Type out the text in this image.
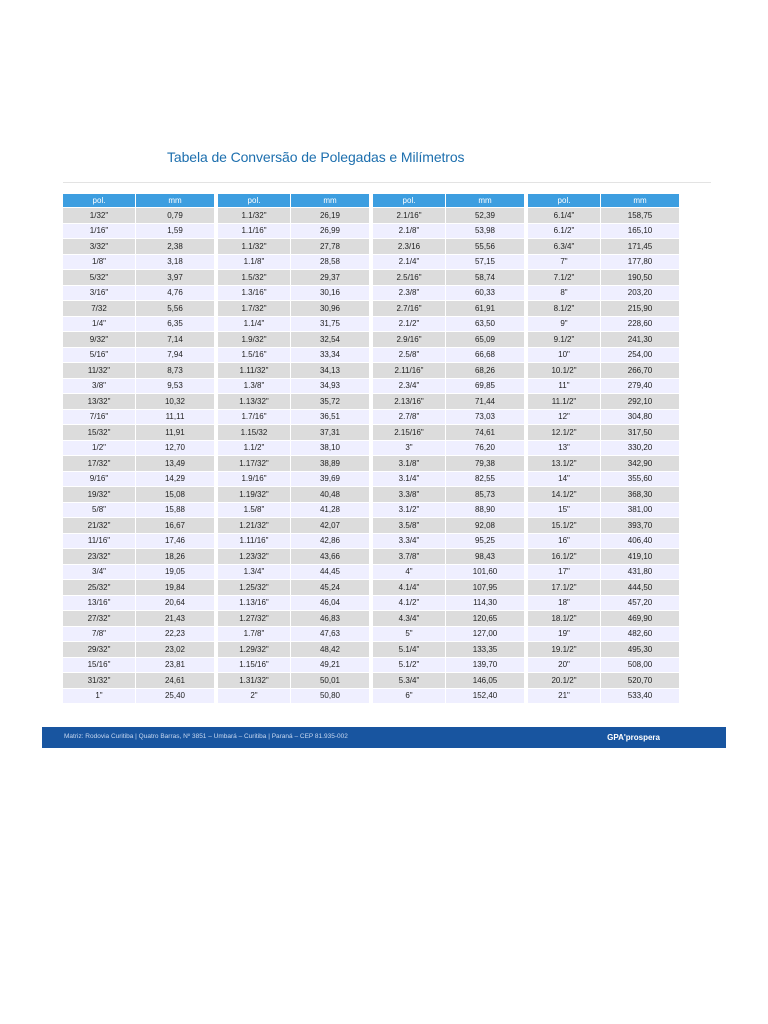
Tabela de Conversão de Polegadas e Milímetros
pol.	mm
1/32"	0,79
1/16"	1,59
3/32"	2,38
1/8"	3,18
5/32"	3,97
3/16"	4,76
7/32	5,56
1/4"	6,35
9/32"	7,14
5/16"	7,94
11/32"	8,73
3/8"	9,53
13/32"	10,32
7/16"	11,11
15/32"	11,91
1/2"	12,70
17/32"	13,49
9/16"	14,29
19/32"	15,08
5/8"	15,88
21/32"	16,67
11/16"	17,46
23/32"	18,26
3/4"	19,05
25/32"	19,84
13/16"	20,64
27/32"	21,43
7/8"	22,23
29/32"	23,02
15/16"	23,81
31/32"	24,61
1"	25,40
pol.	mm
1.1/32"	26,19
1.1/16"	26,99
1.1/32"	27,78
1.1/8"	28,58
1.5/32"	29,37
1.3/16"	30,16
1.7/32"	30,96
1.1/4"	31,75
1.9/32"	32,54
1.5/16"	33,34
1.11/32"	34,13
1.3/8"	34,93
1.13/32"	35,72
1.7/16"	36,51
1.15/32	37,31
1.1/2"	38,10
1.17/32"	38,89
1.9/16"	39,69
1.19/32"	40,48
1.5/8"	41,28
1.21/32"	42,07
1.11/16"	42,86
1.23/32"	43,66
1.3/4"	44,45
1.25/32"	45,24
1.13/16"	46,04
1.27/32"	46,83
1.7/8"	47,63
1.29/32"	48,42
1.15/16"	49,21
1.31/32"	50,01
2"	50,80
pol.	mm
2.1/16"	52,39
2.1/8"	53,98
2.3/16	55,56
2.1/4"	57,15
2.5/16"	58,74
2.3/8"	60,33
2.7/16"	61,91
2.1/2"	63,50
2.9/16"	65,09
2.5/8"	66,68
2.11/16"	68,26
2.3/4"	69,85
2.13/16"	71,44
2.7/8"	73,03
2.15/16"	74,61
3"	76,20
3.1/8"	79,38
3.1/4"	82,55
3.3/8"	85,73
3.1/2"	88,90
3.5/8"	92,08
3.3/4"	95,25
3.7/8"	98,43
4"	101,60
4.1/4"	107,95
4.1/2"	114,30
4.3/4"	120,65
5"	127,00
5.1/4"	133,35
5.1/2"	139,70
5.3/4"	146,05
6"	152,40
pol.	mm
6.1/4"	158,75
6.1/2"	165,10
6.3/4"	171,45
7"	177,80
7.1/2"	190,50
8"	203,20
8.1/2"	215,90
9"	228,60
9.1/2"	241,30
10"	254,00
10.1/2"	266,70
11"	279,40
11.1/2"	292,10
12"	304,80
12.1/2"	317,50
13"	330,20
13.1/2"	342,90
14"	355,60
14.1/2"	368,30
15"	381,00
15.1/2"	393,70
16"	406,40
16.1/2"	419,10
17"	431,80
17.1/2"	444,50
18"	457,20
18.1/2"	469,90
19"	482,60
19.1/2"	495,30
20"	508,00
20.1/2"	520,70
21"	533,40
Matriz: Rodovia Curitiba | Quatro Barras, Nº 3851 – Umbará – Curitiba | Paraná – CEP 81.935-002	GPA'prospera
